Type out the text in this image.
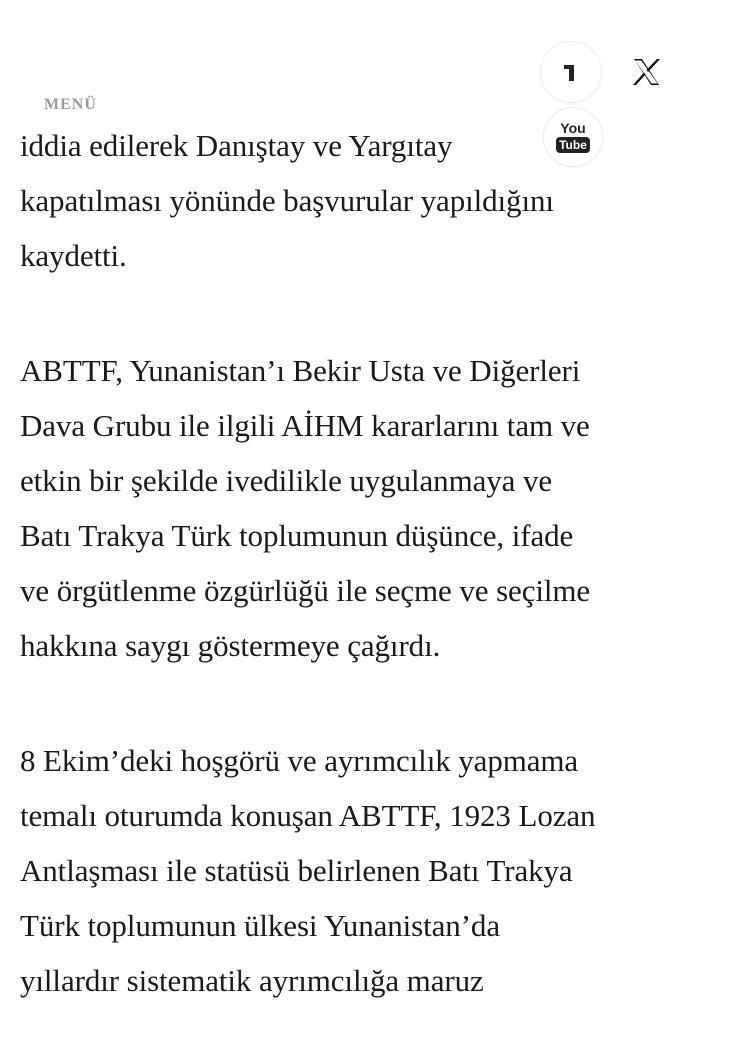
iddia edilerek Danıştay ve Yargıtay
kapatılması yönünde başvurular yapıldığını
kaydetti.

ABTTF, Yunanistan’ı Bekir Usta ve Diğerleri
Dava Grubu ile ilgili AİHM kararlarını tam ve
etkin bir şekilde ivedilikle uygulanmaya ve
Batı Trakya Türk toplumunun düşünce, ifade
ve örgütlenme özgürlüğü ile seçme ve seçilme
hakkına saygı göstermeye çağırdı.

8 Ekim’deki hoşgörü ve ayrımcılık yapmama
temalı oturumda konuşan ABTTF, 1923 Lozan
Antlaşması ile statüsü belirlenen Batı Trakya
Türk toplumunun ülkesi Yunanistan’da
yıllardır sistematik ayrımcılığa maruz

MENÜ
You
Tube
